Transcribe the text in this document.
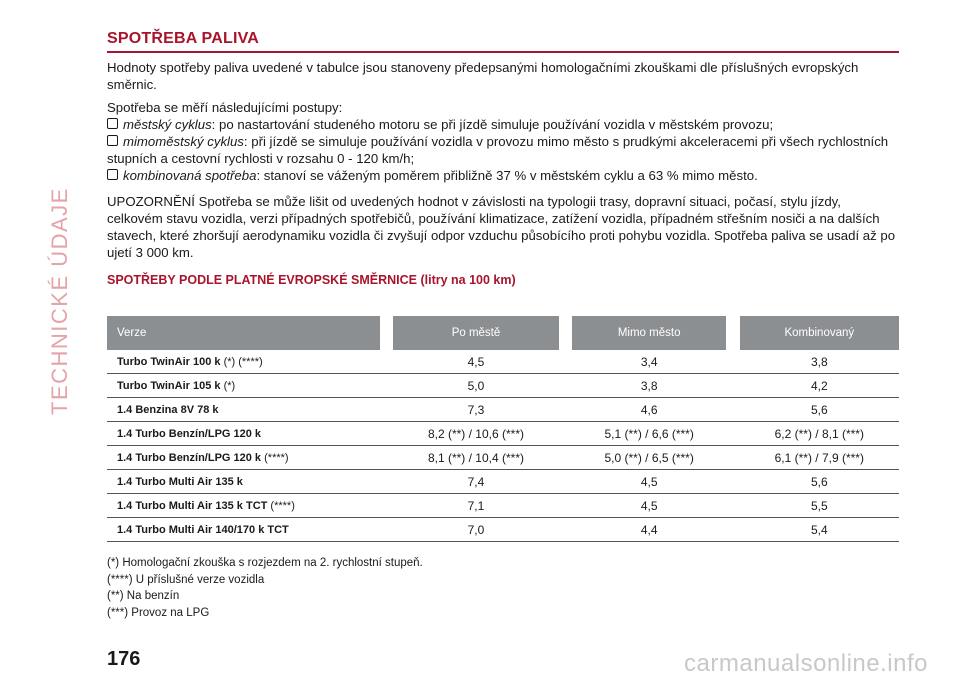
TECHNICKÉ ÚDAJE
SPOTŘEBA PALIVA

Hodnoty spotřeby paliva uvedené v tabulce jsou stanoveny předepsanými homologačními zkouškami dle příslušných evropských směrnic.

Spotřeba se měří následujícími postupy:

městský cyklus: po nastartování studeného motoru se při jízdě simuluje používání vozidla v městském provozu;

mimoměstský cyklus: při jízdě se simuluje používání vozidla v provozu mimo město s prudkými akceleracemi při všech rychlostních stupních a cestovní rychlosti v rozsahu 0 - 120 km/h;

kombinovaná spotřeba: stanoví se váženým poměrem přibližně 37 % v městském cyklu a 63 % mimo město.

UPOZORNĚNÍ Spotřeba se může lišit od uvedených hodnot v závislosti na typologii trasy, dopravní situaci, počasí, stylu jízdy, celkovém stavu vozidla, verzi případných spotřebičů, používání klimatizace, zatížení vozidla, případném střešním nosiči a na dalších stavech, které zhoršují aerodynamiku vozidla či zvyšují odpor vzduchu působícího proti pohybu vozidla. Spotřeba paliva se usadí až po ujetí 3 000 km.

SPOTŘEBY PODLE PLATNÉ EVROPSKÉ SMĚRNICE (litry na 100 km)

Verze		Po městě		Mimo město		Kombinovaný
Turbo TwinAir 100 k (*) (****)		4,5		3,4		3,8
Turbo TwinAir 105 k (*)		5,0		3,8		4,2
1.4 Benzina 8V 78 k		7,3		4,6		5,6
1.4 Turbo Benzín/LPG 120 k		8,2 (**) / 10,6 (***)		5,1 (**) / 6,6 (***)		6,2 (**) / 8,1 (***)
1.4 Turbo Benzín/LPG 120 k (****)		8,1 (**) / 10,4 (***)		5,0 (**) / 6,5 (***)		6,1 (**) / 7,9 (***)
1.4 Turbo Multi Air 135 k		7,4		4,5		5,6
1.4 Turbo Multi Air 135 k TCT (****)		7,1		4,5		5,5
1.4 Turbo Multi Air 140/170 k TCT		7,0		4,4		5,4
(*) Homologační zkouška s rozjezdem na 2. rychlostní stupeň.
(****) U příslušné verze vozidla
(**) Na benzín
(***) Provoz na LPG
176	carmanualsonline.info
